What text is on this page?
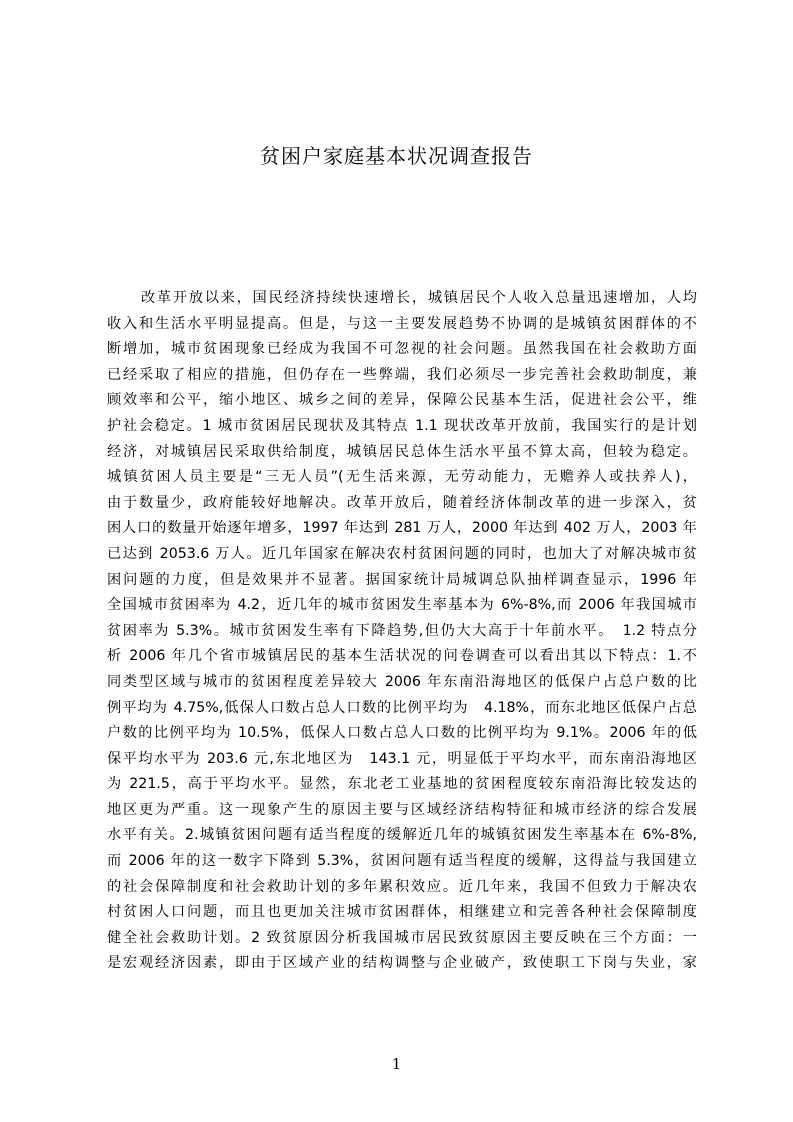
贫困户家庭基本状况调查报告
改革开放以来，国民经济持续快速增长，城镇居民个人收入总量迅速增加，人均
收入和生活水平明显提高。但是，与这一主要发展趋势不协调的是城镇贫困群体的不
断增加，城市贫困现象已经成为我国不可忽视的社会问题。虽然我国在社会救助方面
已经采取了相应的措施，但仍存在一些弊端，我们必须尽一步完善社会救助制度，兼
顾效率和公平，缩小地区、城乡之间的差异，保障公民基本生活，促进社会公平，维
护社会稳定。1 城市贫困居民现状及其特点 1.1 现状改革开放前，我国实行的是计划
经济，对城镇居民采取供给制度，城镇居民总体生活水平虽不算太高，但较为稳定。
城镇贫困人员主要是“三无人员”(无生活来源，无劳动能力，无赡养人或扶养人)，
由于数量少，政府能较好地解决。改革开放后，随着经济体制改革的进一步深入，贫
困人口的数量开始逐年增多，1997 年达到 281 万人，2000 年达到 402 万人，2003 年
已达到 2053.6 万人。近几年国家在解决农村贫困问题的同时，也加大了对解决城市贫
困问题的力度，但是效果并不显著。据国家统计局城调总队抽样调查显示，1996 年
全国城市贫困率为 4.2，近几年的城市贫困发生率基本为 6%-8%,而 2006 年我国城市
贫困率为 5.3%。城市贫困发生率有下降趋势,但仍大大高于十年前水平。　1.2 特点分
析 2006 年几个省市城镇居民的基本生活状况的问卷调查可以看出其以下特点：1.不
同类型区域与城市的贫困程度差异较大 2006 年东南沿海地区的低保户占总户数的比
例平均为 4.75%,低保人口数占总人口数的比例平均为　4.18%，而东北地区低保户占总
户数的比例平均为 10.5%，低保人口数占总人口数的比例平均为 9.1%。2006 年的低
保平均水平为 203.6 元,东北地区为　143.1 元，明显低于平均水平，而东南沿海地区
为 221.5，高于平均水平。显然，东北老工业基地的贫困程度较东南沿海比较发达的
地区更为严重。这一现象产生的原因主要与区域经济结构特征和城市经济的综合发展
水平有关。2.城镇贫困问题有适当程度的缓解近几年的城镇贫困发生率基本在 6%-8%,
而 2006 年的这一数字下降到 5.3%，贫困问题有适当程度的缓解，这得益与我国建立
的社会保障制度和社会救助计划的多年累积效应。近几年来，我国不但致力于解决农
村贫困人口问题，而且也更加关注城市贫困群体，相继建立和完善各种社会保障制度
健全社会救助计划。2 致贫原因分析我国城市居民致贫原因主要反映在三个方面：一
是宏观经济因素，即由于区域产业的结构调整与企业破产，致使职工下岗与失业，家
1
